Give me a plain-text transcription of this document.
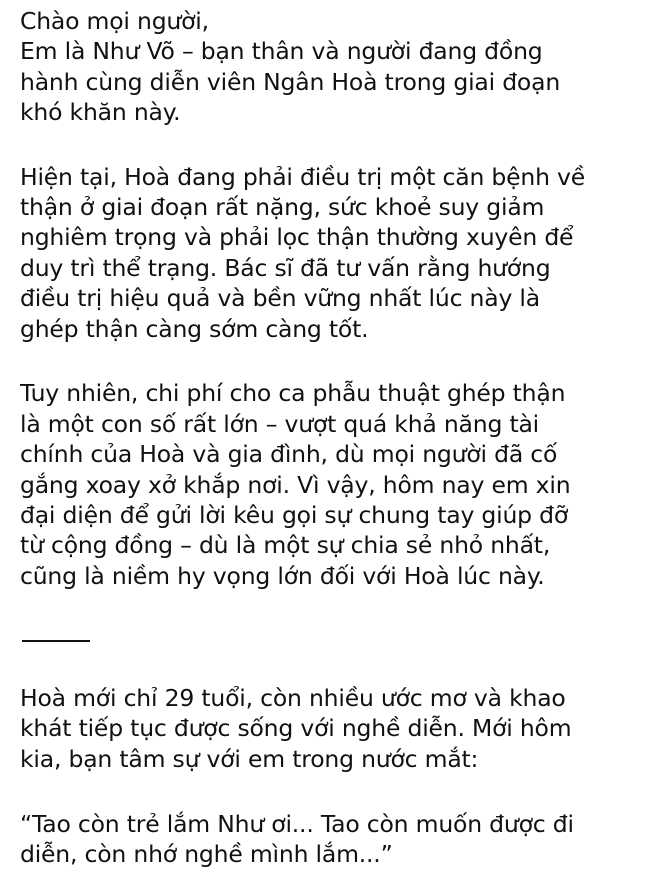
Chào mọi người,
Em là Như Võ – bạn thân và người đang đồng
hành cùng diễn viên Ngân Hoà trong giai đoạn
khó khăn này.
Hiện tại, Hoà đang phải điều trị một căn bệnh về
thận ở giai đoạn rất nặng, sức khoẻ suy giảm
nghiêm trọng và phải lọc thận thường xuyên để
duy trì thể trạng. Bác sĩ đã tư vấn rằng hướng
điều trị hiệu quả và bền vững nhất lúc này là
ghép thận càng sớm càng tốt.
Tuy nhiên, chi phí cho ca phẫu thuật ghép thận
là một con số rất lớn – vượt quá khả năng tài
chính của Hoà và gia đình, dù mọi người đã cố
gắng xoay xở khắp nơi. Vì vậy, hôm nay em xin
đại diện để gửi lời kêu gọi sự chung tay giúp đỡ
từ cộng đồng – dù là một sự chia sẻ nhỏ nhất,
cũng là niềm hy vọng lớn đối với Hoà lúc này.
Hoà mới chỉ 29 tuổi, còn nhiều ước mơ và khao
khát tiếp tục được sống với nghề diễn. Mới hôm
kia, bạn tâm sự với em trong nước mắt:
“Tao còn trẻ lắm Như ơi... Tao còn muốn được đi
diễn, còn nhớ nghề mình lắm...”
